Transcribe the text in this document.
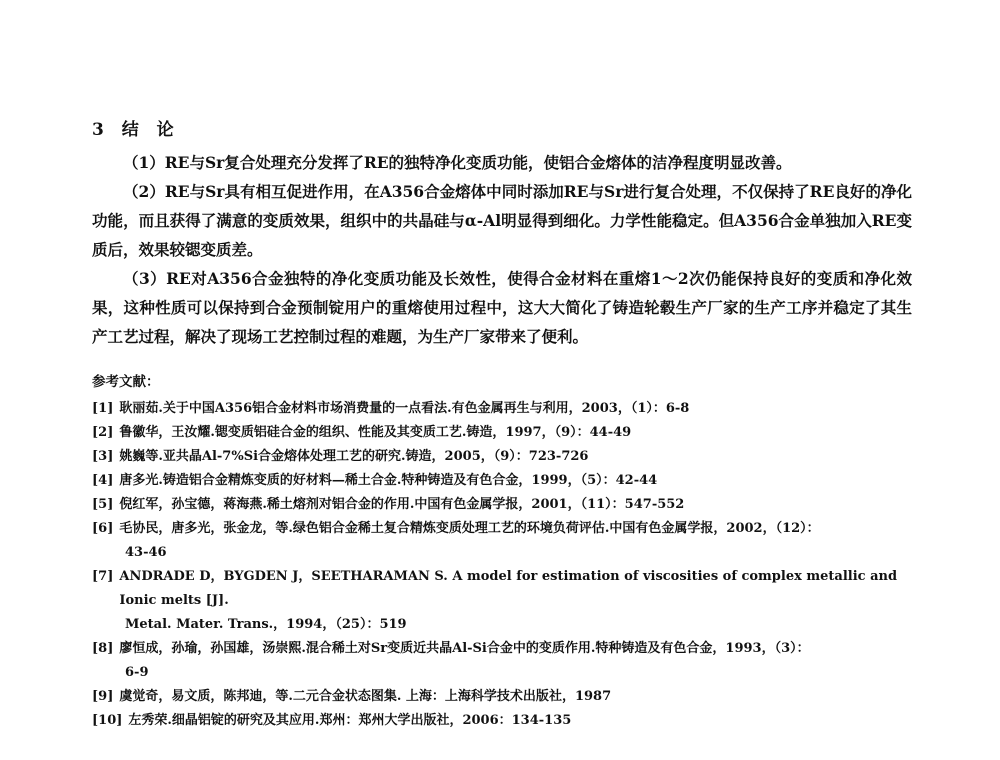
3 结 论

（1）RE与Sr复合处理充分发挥了RE的独特净化变质功能，使铝合金熔体的洁净程度明显改善。

（2）RE与Sr具有相互促进作用，在A356合金熔体中同时添加RE与Sr进行复合处理，不仅保持了RE良好的净化功能，而且获得了满意的变质效果，组织中的共晶硅与α-Al明显得到细化。力学性能稳定。但A356合金单独加入RE变质后，效果较锶变质差。

（3）RE对A356合金独特的净化变质功能及长效性，使得合金材料在重熔1～2次仍能保持良好的变质和净化效果，这种性质可以保持到合金预制锭用户的重熔使用过程中，这大大简化了铸造轮毂生产厂家的生产工序并稳定了其生产工艺过程，解决了现场工艺控制过程的难题，为生产厂家带来了便利。

参考文献：
[1] 耿丽茹.关于中国A356铝合金材料市场消费量的一点看法.有色金属再生与利用，2003，（1）：6-8
[2] 鲁徽华，王汝耀.锶变质铝硅合金的组织、性能及其变质工艺.铸造，1997，（9）：44-49
[3] 姚巍等.亚共晶Al-7%Si合金熔体处理工艺的研究.铸造，2005，（9）：723-726
[4] 唐多光.铸造铝合金精炼变质的好材料—稀土合金.特种铸造及有色合金，1999，（5）：42-44
[5] 倪红军，孙宝德，蒋海燕.稀土熔剂对铝合金的作用.中国有色金属学报，2001，（11）：547-552
[6] 毛协民，唐多光，张金龙，等.绿色铝合金稀土复合精炼变质处理工艺的环境负荷评估.中国有色金属学报，2002，（12）：
43-46
[7] ANDRADE D，BYGDEN J，SEETHARAMAN S. A model for estimation of viscosities of complex metallic and Ionic melts [J].
Metal. Mater. Trans.，1994，（25）：519
[8] 廖恒成，孙瑜，孙国雄，汤崇熙.混合稀土对Sr变质近共晶Al-Si合金中的变质作用.特种铸造及有色合金，1993，（3）：
6-9
[9] 虞觉奇，易文质，陈邦迪，等.二元合金状态图集. 上海：上海科学技术出版社，1987
[10] 左秀荣.细晶铝锭的研究及其应用.郑州：郑州大学出版社，2006：134-135
